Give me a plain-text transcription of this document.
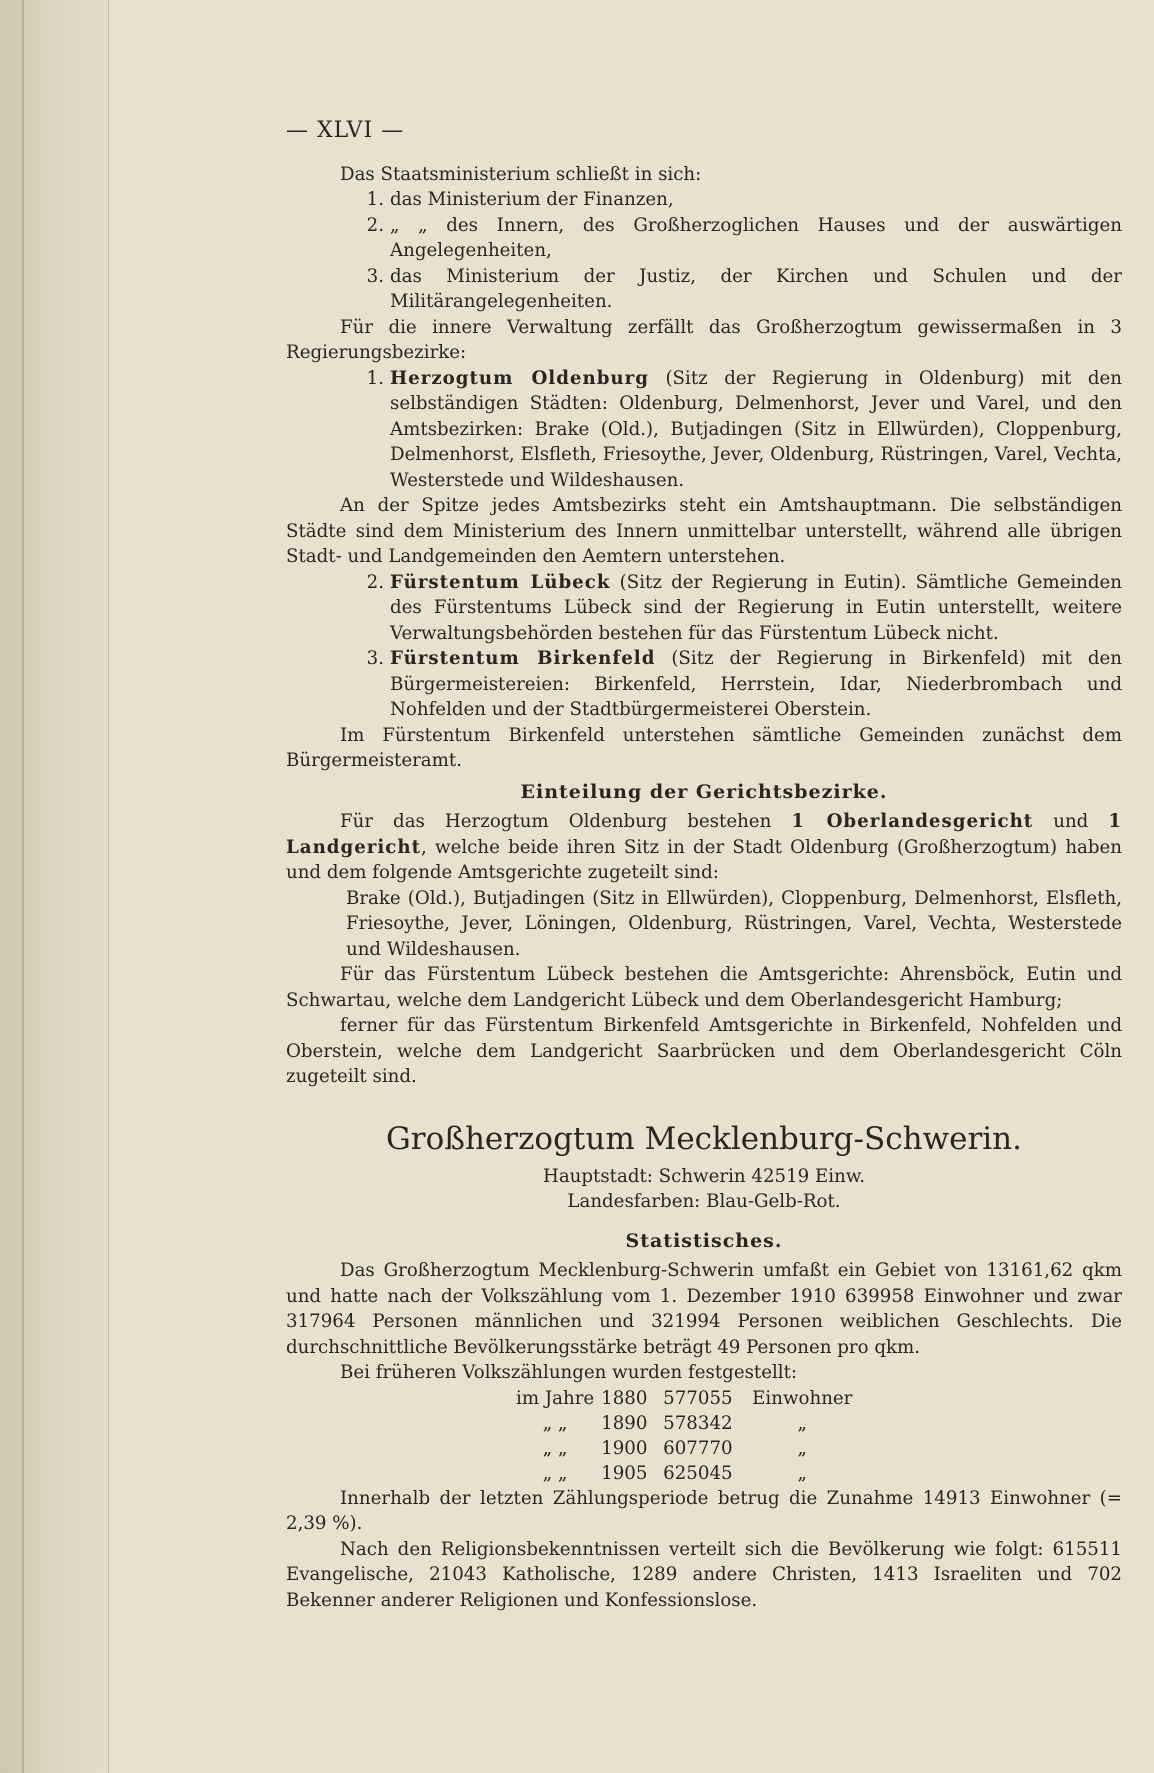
— XLVI —

Das Staatsministerium schließt in sich:

1. das Ministerium der Finanzen,
2. „ „ des Innern, des Großherzoglichen Hauses und der auswärtigen Angelegenheiten,
3. das Ministerium der Justiz, der Kirchen und Schulen und der Militärangelegenheiten.

Für die innere Verwaltung zerfällt das Großherzogtum gewissermaßen in 3 Regierungsbezirke:

1. Herzogtum Oldenburg (Sitz der Regierung in Oldenburg) mit den selbständigen Städten: Oldenburg, Delmenhorst, Jever und Varel, und den Amtsbezirken: Brake (Old.), Butjadingen (Sitz in Ellwürden), Cloppenburg, Delmenhorst, Elsfleth, Friesoythe, Jever, Oldenburg, Rüstringen, Varel, Vechta, Westerstede und Wildeshausen.

An der Spitze jedes Amtsbezirks steht ein Amtshauptmann. Die selbständigen Städte sind dem Ministerium des Innern unmittelbar unterstellt, während alle übrigen Stadt- und Landgemeinden den Aemtern unterstehen.

2. Fürstentum Lübeck (Sitz der Regierung in Eutin). Sämtliche Gemeinden des Fürstentums Lübeck sind der Regierung in Eutin unterstellt, weitere Verwaltungsbehörden bestehen für das Fürstentum Lübeck nicht.
3. Fürstentum Birkenfeld (Sitz der Regierung in Birkenfeld) mit den Bürgermeistereien: Birkenfeld, Herrstein, Idar, Niederbrombach und Nohfelden und der Stadtbürgermeisterei Oberstein.

Im Fürstentum Birkenfeld unterstehen sämtliche Gemeinden zunächst dem Bürgermeisteramt.

Einteilung der Gerichtsbezirke.

Für das Herzogtum Oldenburg bestehen 1 Oberlandesgericht und 1 Landgericht, welche beide ihren Sitz in der Stadt Oldenburg (Großherzogtum) haben und dem folgende Amtsgerichte zugeteilt sind:

Brake (Old.), Butjadingen (Sitz in Ellwürden), Cloppenburg, Delmenhorst, Elsfleth, Friesoythe, Jever, Löningen, Oldenburg, Rüstringen, Varel, Vechta, Westerstede und Wildeshausen.

Für das Fürstentum Lübeck bestehen die Amtsgerichte: Ahrensböck, Eutin und Schwartau, welche dem Landgericht Lübeck und dem Oberlandesgericht Hamburg;

ferner für das Fürstentum Birkenfeld Amtsgerichte in Birkenfeld, Nohfelden und Oberstein, welche dem Landgericht Saarbrücken und dem Oberlandesgericht Cöln zugeteilt sind.

Großherzogtum Mecklenburg-Schwerin.

Hauptstadt: Schwerin 42519 Einw.

Landesfarben: Blau-Gelb-Rot.

Statistisches.

Das Großherzogtum Mecklenburg-Schwerin umfaßt ein Gebiet von 13161,62 qkm und hatte nach der Volkszählung vom 1. Dezember 1910 639958 Einwohner und zwar 317964 Personen männlichen und 321994 Personen weiblichen Geschlechts. Die durchschnittliche Bevölkerungsstärke beträgt 49 Personen pro qkm.

Bei früheren Volkszählungen wurden festgestellt:

im Jahre	1880	577055	Einwohner
„ „	1890	578342	„
„ „	1900	607770	„
„ „	1905	625045	„

Innerhalb der letzten Zählungsperiode betrug die Zunahme 14913 Einwohner (= 2,39 %).

Nach den Religionsbekenntnissen verteilt sich die Bevölkerung wie folgt: 615511 Evangelische, 21043 Katholische, 1289 andere Christen, 1413 Israeliten und 702 Bekenner anderer Religionen und Konfessionslose.
